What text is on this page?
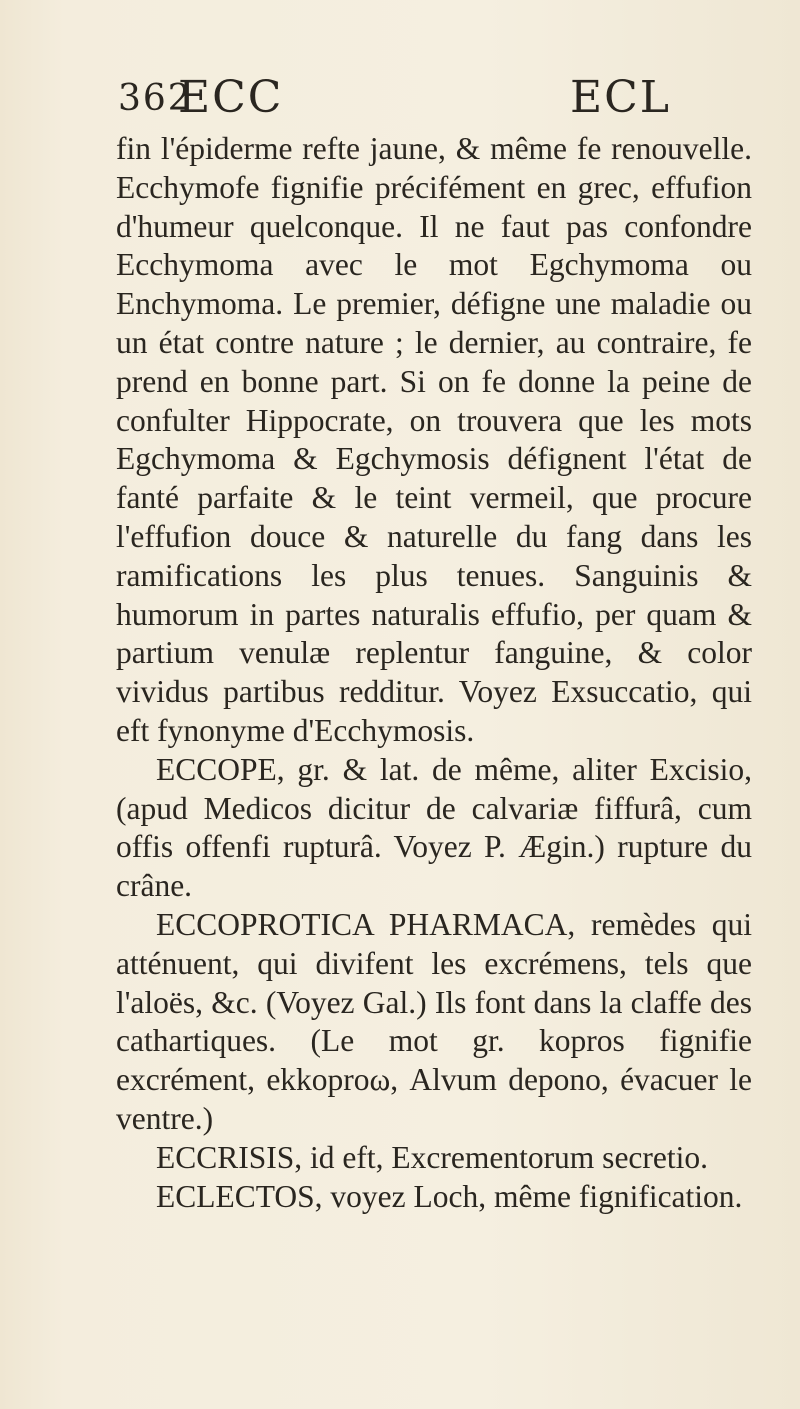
362
ECC	ECL

fin l'épiderme refte jaune, & même fe renouvelle. Ecchymofe fignifie précifément en grec, effufion d'humeur quelconque. Il ne faut pas confondre Ecchymoma avec le mot Egchymoma ou Enchymoma. Le premier, défigne une maladie ou un état contre nature ; le dernier, au contraire, fe prend en bonne part. Si on fe donne la peine de confulter Hippocrate, on trouvera que les mots Egchymoma & Egchymosis défignent l'état de fanté parfaite & le teint vermeil, que procure l'effufion douce & naturelle du fang dans les ramifications les plus tenues. Sanguinis & humorum in partes naturalis effufio, per quam & partium venulæ replentur fanguine, & color vividus partibus redditur. Voyez Exsuccatio, qui eft fynonyme d'Ecchymosis.

ECCOPE, gr. & lat. de même, aliter Excisio, (apud Medicos dicitur de calvariæ fiffurâ, cum offis offenfi rupturâ. Voyez P. Ægin.) rupture du crâne.

ECCOPROTICA PHARMACA, remèdes qui atténuent, qui divifent les excrémens, tels que l'aloës, &c. (Voyez Gal.) Ils font dans la claffe des cathartiques. (Le mot gr. kopros fignifie excrément, ekkoproω, Alvum depono, évacuer le ventre.)

ECCRISIS, id eft, Excrementorum secretio.

ECLECTOS, voyez Loch, même fignification.
